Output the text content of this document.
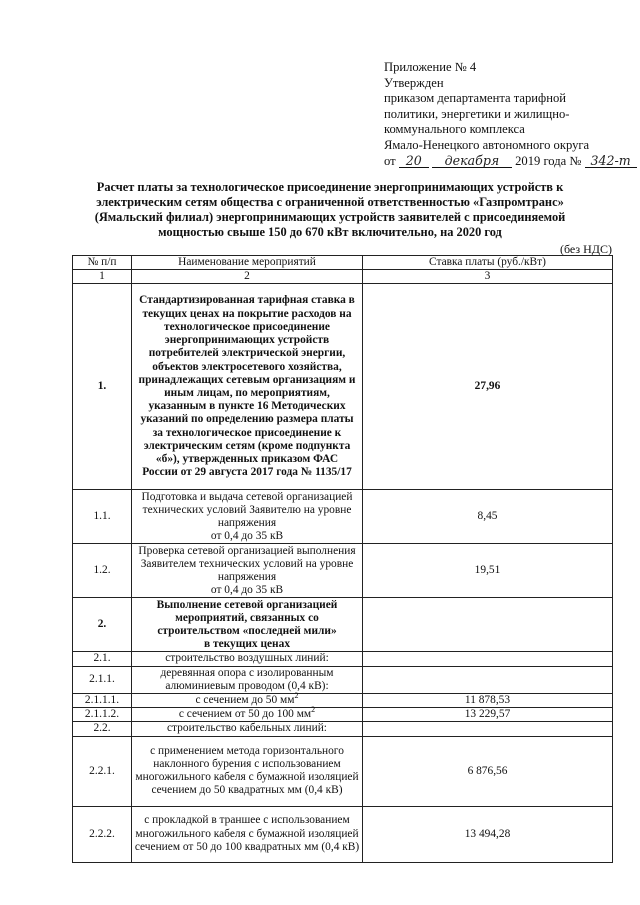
Приложение № 4
Утвержден
приказом департамента тарифной
политики, энергетики и жилищно-
коммунального комплекса
Ямало-Ненецкого автономного округа
от 20 декабря 2019 года № 342-т
Расчет платы за технологическое присоединение энергопринимающих устройств к электрическим сетям общества с ограниченной ответственностью «Газпромтранс» (Ямальский филиал) энергопринимающих устройств заявителей с присоединяемой мощностью свыше 150 до 670 кВт включительно, на 2020 год
(без НДС)
№ п/п	Наименование мероприятий	Ставка платы (руб./кВт)
1	2	3
1.	Стандартизированная тарифная ставка в текущих ценах на покрытие расходов на технологическое присоединение энергопринимающих устройств потребителей электрической энергии, объектов электросетевого хозяйства, принадлежащих сетевым организациям и иным лицам, по мероприятиям, указанным в пункте 16 Методических указаний по определению размера платы за технологическое присоединение к электрическим сетям (кроме подпункта «б»), утвержденных приказом ФАС России от 29 августа 2017 года № 1135/17	27,96
1.1.	Подготовка и выдача сетевой организацией технических условий Заявителю на уровне напряжения
от 0,4 до 35 кВ	8,45
1.2.	Проверка сетевой организацией выполнения Заявителем технических условий на уровне напряжения
от 0,4 до 35 кВ	19,51
2.	Выполнение сетевой организацией мероприятий, связанных со строительством «последней мили»
в текущих ценах	

2.1.	строительство воздушных линий:	
2.1.1.	деревянная опора с изолированным алюминиевым проводом (0,4 кВ):	
2.1.1.1.	с сечением до 50 $мм^2$	11 878,53
2.1.1.2.	с сечением от 50 до 100 $мм^2$	13 229,57
2.2.	строительство кабельных линий:	
2.2.1.	с применением метода горизонтального наклонного бурения с использованием многожильного кабеля с бумажной изоляцией сечением до 50 квадратных мм (0,4 кВ)	6 876,56
2.2.2.	с прокладкой в траншее с использованием многожильного кабеля с бумажной изоляцией сечением от 50 до 100 квадратных мм (0,4 кВ)	13 494,28
